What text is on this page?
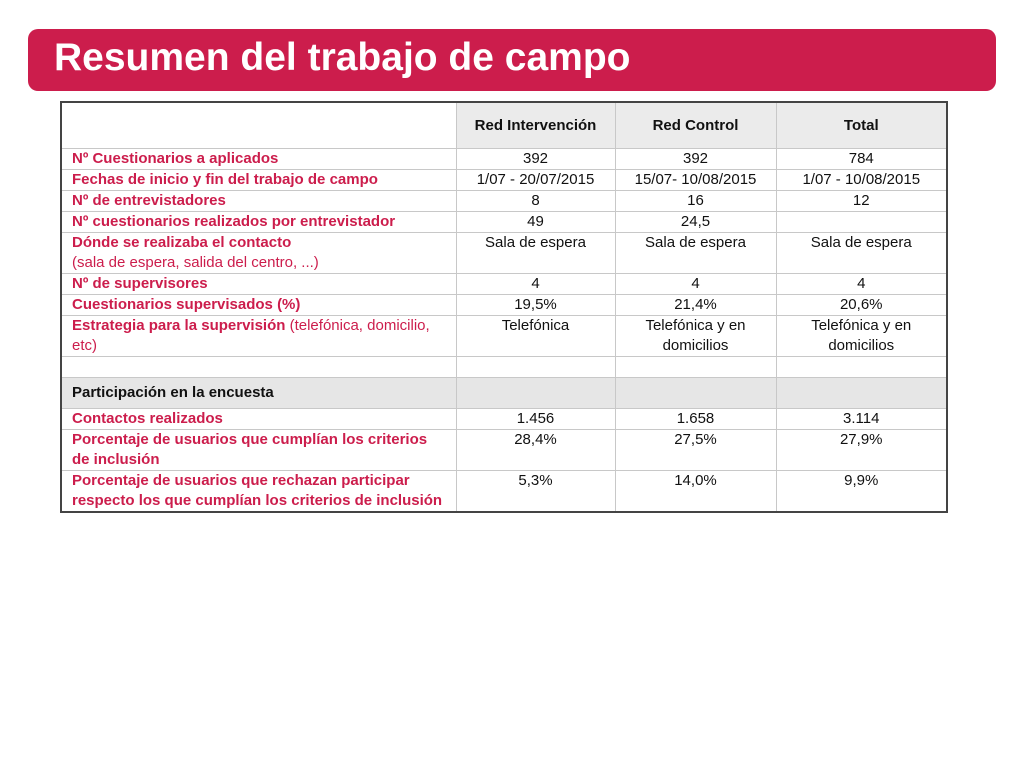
Resumen del trabajo de campo
	Red Intervención	Red Control	Total
Nº Cuestionarios a aplicados	392	392	784
Fechas de inicio y fin del trabajo de campo	1/07 - 20/07/2015	15/07- 10/08/2015	1/07 - 10/08/2015
Nº de entrevistadores	8	16	12
Nº cuestionarios realizados por entrevistador	49	24,5	
Dónde se realizaba el contacto
(sala de espera, salida del centro, ...)	Sala de espera	Sala de espera	Sala de espera
Nº de supervisores	4	4	4
Cuestionarios supervisados (%)	19,5%	21,4%	20,6%
Estrategia para la supervisión (telefónica, domicilio, etc)	Telefónica	Telefónica y en domicilios	Telefónica y en domicilios

Participación en la encuesta			
Contactos realizados	1.456	1.658	3.114
Porcentaje de usuarios que cumplían los criterios de inclusión	28,4%	27,5%	27,9%
Porcentaje de usuarios que rechazan participar respecto los que cumplían los criterios de inclusión	5,3%	14,0%	9,9%
